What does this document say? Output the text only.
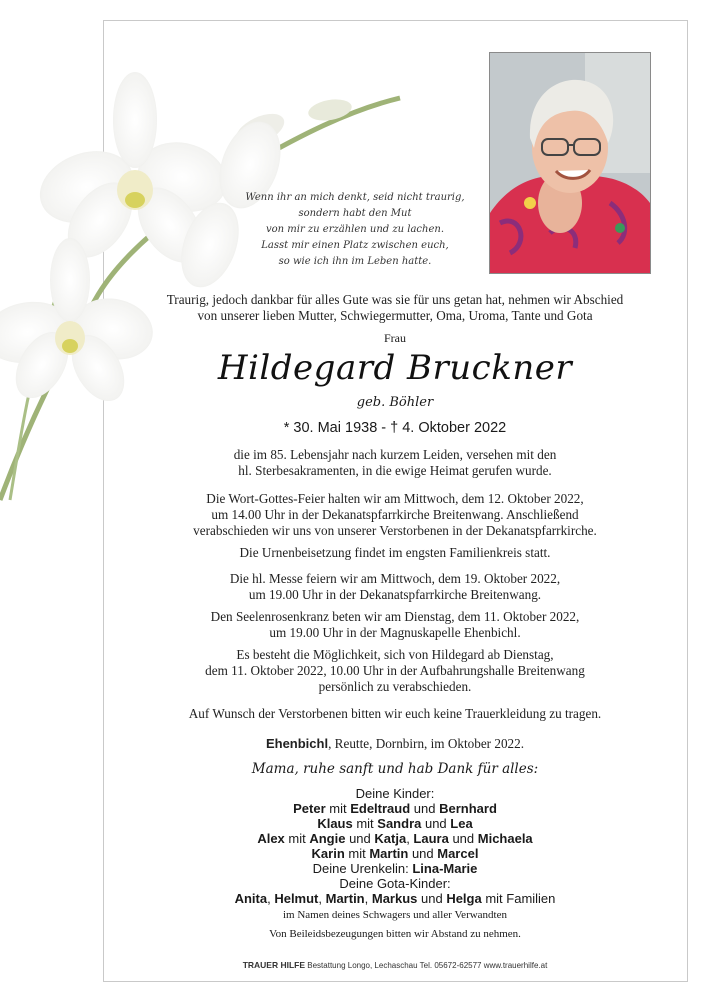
Wenn ihr an mich denkt, seid nicht traurig,
sondern habt den Mut
von mir zu erzählen und zu lachen.
Lasst mir einen Platz zwischen euch,
so wie ich ihn im Leben hatte.
Traurig, jedoch dankbar für alles Gute was sie für uns getan hat, nehmen wir Abschied
von unserer lieben Mutter, Schwiegermutter, Oma, Uroma, Tante und Gota
Frau
Hildegard Bruckner
geb. Böhler
* 30. Mai 1938 - † 4. Oktober 2022
die im 85. Lebensjahr nach kurzem Leiden, versehen mit den
hl. Sterbesakramenten, in die ewige Heimat gerufen wurde.
Die Wort-Gottes-Feier halten wir am Mittwoch, dem 12. Oktober 2022,
um 14.00 Uhr in der Dekanatspfarrkirche Breitenwang. Anschließend
verabschieden wir uns von unserer Verstorbenen in der Dekanatspfarrkirche.
Die Urnenbeisetzung findet im engsten Familienkreis statt.
Die hl. Messe feiern wir am Mittwoch, dem 19. Oktober 2022,
um 19.00 Uhr in der Dekanatspfarrkirche Breitenwang.
Den Seelenrosenkranz beten wir am Dienstag, dem 11. Oktober 2022,
um 19.00 Uhr in der Magnuskapelle Ehenbichl.
Es besteht die Möglichkeit, sich von Hildegard ab Dienstag,
dem 11. Oktober 2022, 10.00 Uhr in der Aufbahrungshalle Breitenwang
persönlich zu verabschieden.
Auf Wunsch der Verstorbenen bitten wir euch keine Trauerkleidung zu tragen.
Ehenbichl, Reutte, Dornbirn, im Oktober 2022.
Mama, ruhe sanft und hab Dank für alles:
Deine Kinder:
Peter mit Edeltraud und Bernhard
Klaus mit Sandra und Lea
Alex mit Angie und Katja, Laura und Michaela
Karin mit Martin und Marcel
Deine Urenkelin: Lina-Marie
Deine Gota-Kinder:
Anita, Helmut, Martin, Markus und Helga mit Familien
im Namen deines Schwagers und aller Verwandten
Von Beileidsbezeugungen bitten wir Abstand zu nehmen.
TRAUER HILFE Bestattung Longo, Lechaschau Tel. 05672-62577 www.trauerhilfe.at
